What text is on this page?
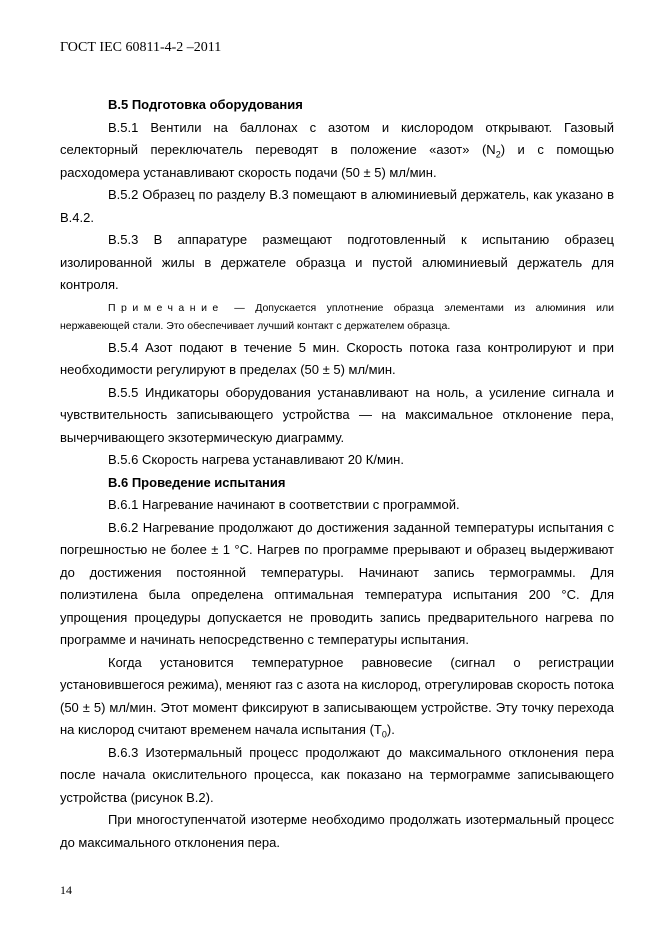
ГОСТ IEC 60811-4-2 –2011

В.5 Подготовка оборудования

В.5.1 Вентили на баллонах с азотом и кислородом открывают. Газовый селекторный переключатель переводят в положение «азот» $(N_2)$ и с помощью расходомера устанавливают скорость подачи (50 ± 5) мл/мин.

В.5.2 Образец по разделу В.3 помещают в алюминиевый держатель, как указано в В.4.2.

В.5.3 В аппаратуре размещают подготовленный к испытанию образец изолированной жилы в держателе образца и пустой алюминиевый держатель для контроля.

Примечание — Допускается уплотнение образца элементами из алюминия или нержавеющей стали. Это обеспечивает лучший контакт с держателем образца.

В.5.4 Азот подают в течение 5 мин. Скорость потока газа контролируют и при необходимости регулируют в пределах (50 ± 5) мл/мин.

В.5.5 Индикаторы оборудования устанавливают на ноль, а усиление сигнала и чувствительность записывающего устройства — на максимальное отклонение пера, вычерчивающего экзотермическую диаграмму.

В.5.6 Скорость нагрева устанавливают 20 К/мин.

В.6 Проведение испытания

В.6.1 Нагревание начинают в соответствии с программой.

В.6.2 Нагревание продолжают до достижения заданной температуры испытания с погрешностью не более ± 1 °C. Нагрев по программе прерывают и образец выдерживают до достижения постоянной температуры. Начинают запись термограммы. Для полиэтилена была определена оптимальная температура испытания 200 °C. Для упрощения процедуры допускается не проводить запись предварительного нагрева по программе и начинать непосредственно с температуры испытания.

Когда установится температурное равновесие (сигнал о регистрации установившегося режима), меняют газ с азота на кислород, отрегулировав скорость потока (50 ± 5) мл/мин. Этот момент фиксируют в записывающем устройстве. Эту точку перехода на кислород считают временем начала испытания $(T_0)$.

В.6.3 Изотермальный процесс продолжают до максимального отклонения пера после начала окислительного процесса, как показано на термограмме записывающего устройства (рисунок В.2).

При многоступенчатой изотерме необходимо продолжать изотермальный процесс до максимального отклонения пера.

14
